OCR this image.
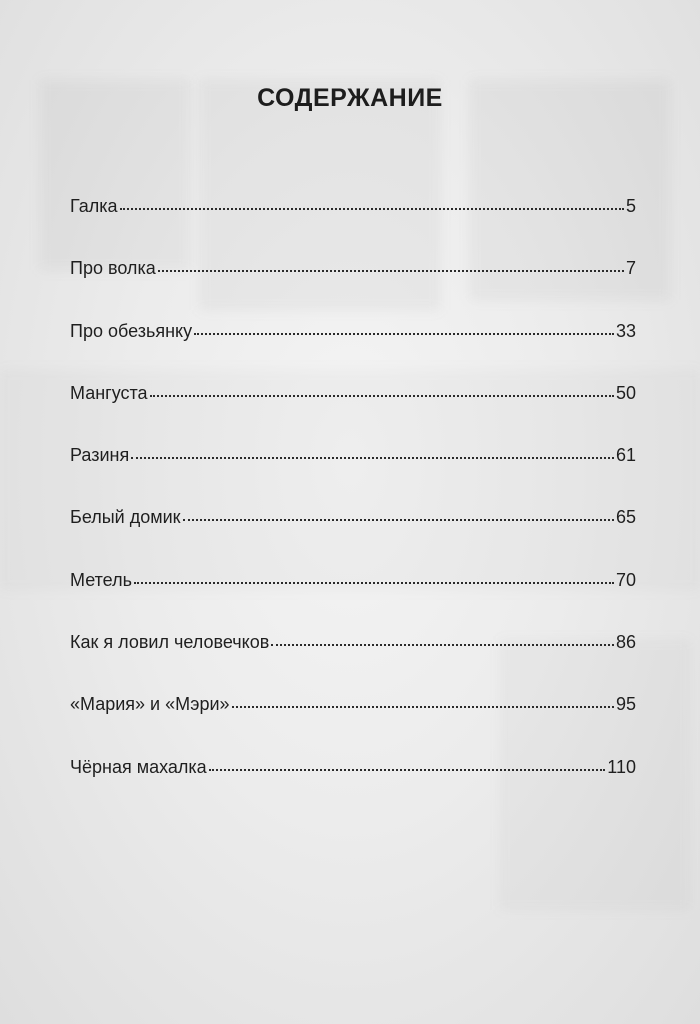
СОДЕРЖАНИЕ
Галка	5
Про волка	7
Про обезьянку	33
Мангуста	50
Разиня	61
Белый домик	65
Метель	70
Как я ловил человечков	86
«Мария» и «Мэри»	95
Чёрная махалка	110
